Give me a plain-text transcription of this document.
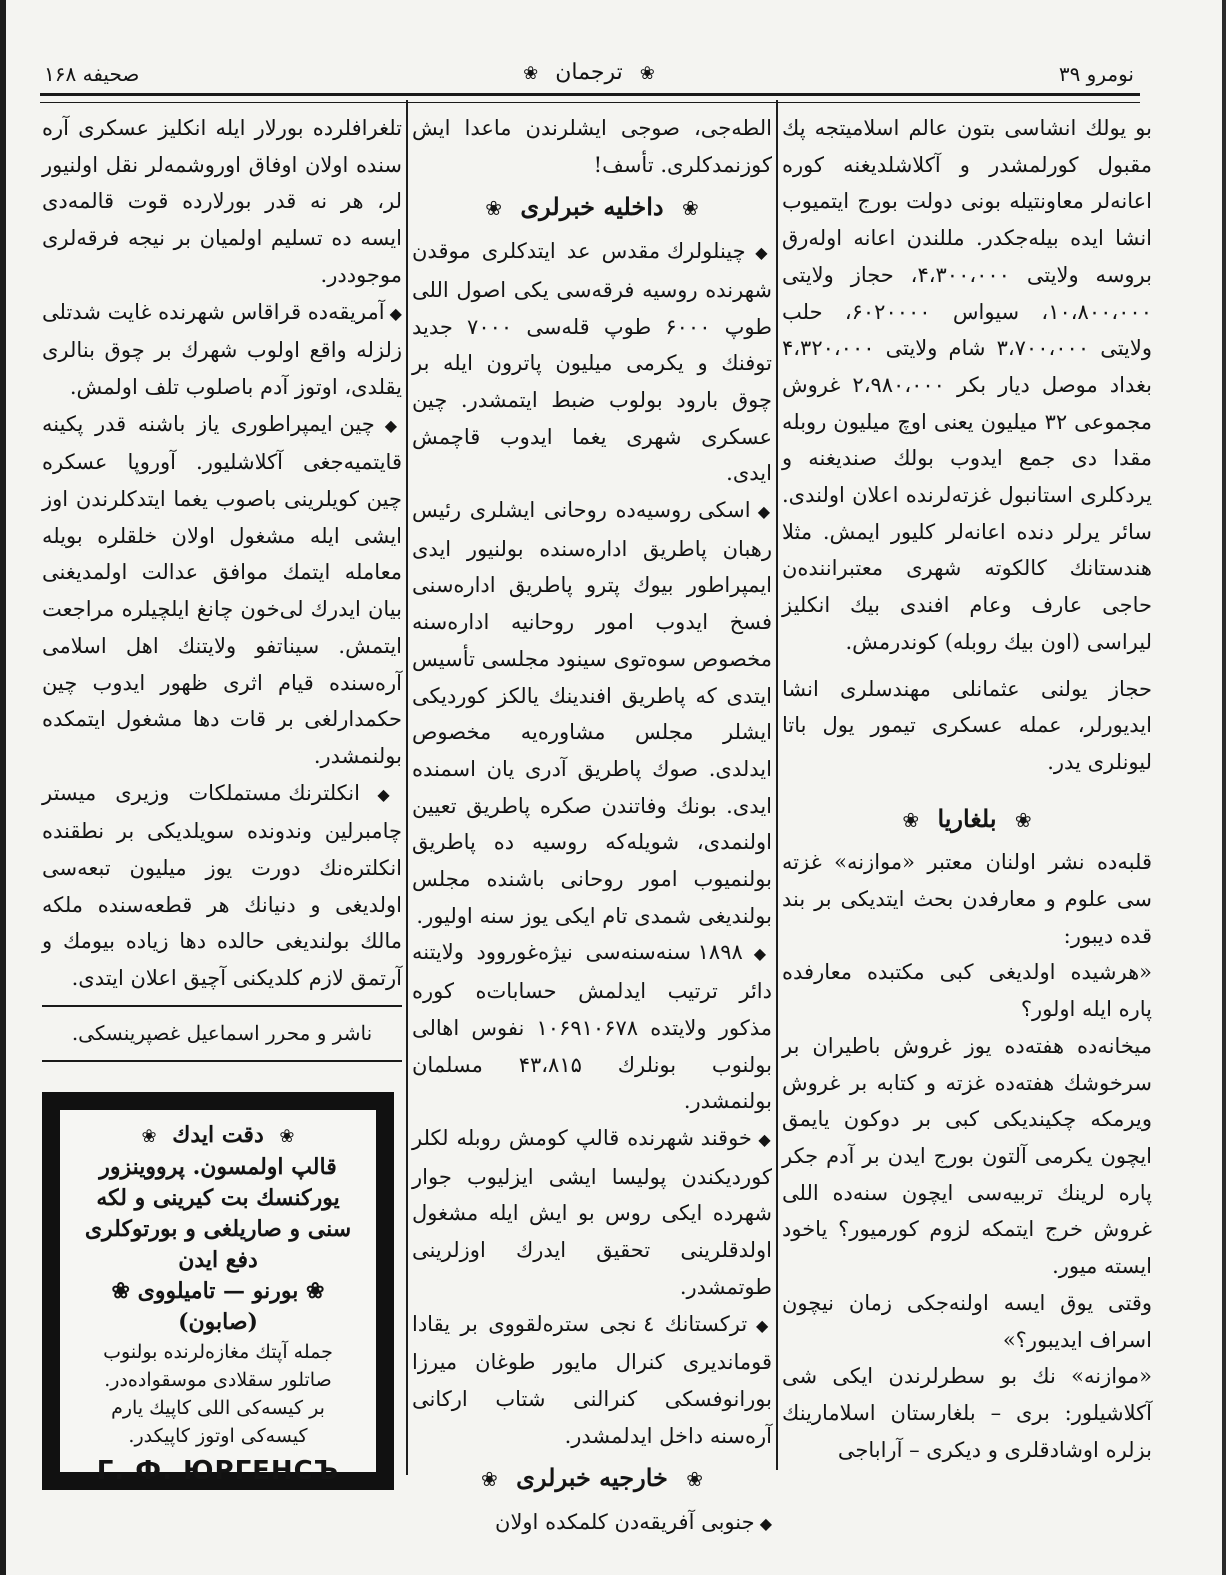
صحیفه ۱۶۸	❀ ترجمان ❀	نومرو ۳۹

بو یولك انشاسی بتون عالم اسلامیتجه پك مقبول کورلمشدر و آکلاشلدیغنه کوره اعانه‌لر معاونتیله بونی دولت بورج ایتمیوب انشا ایده بیله‌جکدر. مللندن اعانه اوله‌رق بروسه ولایتی ۴،۳۰۰،۰۰۰، حجاز ولایتی ۱۰،۸۰۰،۰۰۰، سیواس ۶۰۲۰۰۰۰، حلب ولایتی ۳،۷۰۰،۰۰۰ شام ولایتی ۴،۳۲۰،۰۰۰ بغداد موصل دیار بکر ۲،۹۸۰،۰۰۰ غروش مجموعی ۳۲ میلیون یعنی اوچ میلیون روبله مقدا دی جمع ایدوب بولك صندیغنه و یردکلری استانبول غزته‌لرنده اعلان اولندی. سائر یرلر دنده اعانه‌لر کلیور ایمش. مثلا هندستانك کالکوته شهری معتبراننده‌ن حاجی عارف وعام افندی بیك انکلیز لیراسی (اون بیك روبله) کوندرمش.

حجاز یولنی عثمانلی مهندسلری انشا ایدیورلر، عمله عسکری تیمور یول باتا لیونلری یدر.

❀ بلغاریا ❀

قلبه‌ده نشر اولنان معتبر «موازنه» غزته سی علوم و معارفدن بحث ایتدیکی بر بند قده دیبور:

«هرشیده اولدیغی کبی مکتبده معارفده پاره ایله اولور؟

میخانه‌ده هفته‌ده یوز غروش باطیران بر سرخوشك هفته‌ده غزته و کتابه بر غروش ویرمکه چکیندیکی کبی بر دوکون یایمق ایچون یکرمی آلتون بورج ایدن بر آدم جکر پاره لرینك تربیه‌سی ایچون سنه‌ده اللی غروش خرج ایتمکه لزوم کورمیور؟ یاخود ایسته میور.

وقتی یوق ایسه اولنه‌جکی زمان نیچون اسراف ایدیبور؟»

«موازنه» نك بو سطرلرندن ایکی شی آکلاشیلور: بری – بلغارستان اسلامارینك بزلره اوشادقلری و دیکری – آراباجی

الطه‌جی، صوجی ایشلرندن ماعدا ایش کوزنمدکلری. تأسف!

❀ داخلیه خبرلری ❀

◆ چینلولرك مقدس عد ایتدکلری موقدن شهرنده روسیه فرقه‌سی یکی اصول اللی طوپ ۶۰۰۰ طوپ قله‌سی ۷۰۰۰ جدید توفنك و یکرمی میلیون پاترون ایله بر چوق بارود بولوب ضبط ایتمشدر. چین عسکری شهری یغما ایدوب قاچمش ایدی.

◆ اسکی روسیه‌ده روحانی ایشلری رئیس رهبان پاطریق اداره‌سنده بولنیور ایدی ایمپراطور بیوك پترو پاطریق اداره‌سنی فسخ ایدوب امور روحانیه اداره‌سنه مخصوص سوه‌توی سینود مجلسی تأسیس ایتدی که پاطریق افندینك یالکز کوردیکی ایشلر مجلس مشاوره‌یه مخصوص ایدلدی. صوك پاطریق آدری یان اسمنده ایدی. بونك وفاتندن صکره پاطریق تعیین اولنمدی، شویله‌که روسیه ده پاطریق بولنمیوب امور روحانی باشنده مجلس بولندیغی شمدی تام ایکی یوز سنه اولیور.

◆ ۱۸۹۸ سنه‌سنه‌سی نیژه‌غوروود ولایتنه دائر ترتیب ایدلمش حسابات‌ه کوره مذکور ولایتده ۱۰۶۹۱۰۶۷۸ نفوس اهالی بولنوب بونلرك ۴۳،۸۱۵ مسلمان بولنمشدر.

◆ خوقند شهرنده قالپ کومش روبله لکلر کوردیکندن پولیسا ایشی ایزلیوب جوار شهرده ایکی روس بو ایش ایله مشغول اولدقلرینی تحقیق ایدرك اوزلرینی طوتمشدر.

◆ ترکستانك ٤ نجی ستره‌لقووی بر یقادا قوماندیری کنرال مایور طوغان میرزا بورانوفسکی کنرالنی شتاب ارکانی آره‌سنه داخل ایدلمشدر.

❀ خارجیه خبرلری ❀

◆ جنوبی آفریقه‌دن کلمکده اولان

تلغرافلرده بورلار ایله انکلیز عسکری آره سنده اولان اوفاق اوروشمه‌لر نقل اولنیور لر، هر نه قدر بورلارده قوت قالمه‌دی ایسه ده تسلیم اولمیان بر نیجه فرقه‌لری موجوددر.

◆ آمریقه‌ده قراقاس شهرنده غایت شدتلی زلزله واقع اولوب شهرك بر چوق بنالری یقلدی، اوتوز آدم باصلوب تلف اولمش.

◆ چین ایمپراطوری یاز باشنه قدر پکینه قایتمیه‌جغی آکلاشلیور. آوروپا عسکره چین کویلرینی باصوب یغما ایتدکلرندن اوز ایشی ایله مشغول اولان خلقلره بویله معامله ایتمك موافق عدالت اولمدیغنی بیان ایدرك لی‌خون چانغ ایلچیلره مراجعت ایتمش. سیناتفو ولایتنك اهل اسلامی آره‌سنده قیام اثری ظهور ایدوب چین حکمدارلغی بر قات دها مشغول ایتمکده بولنمشدر.

◆ انکلترنك مستملکات وزیری میستر چامبرلین وندونده سویلدیکی بر نطقنده انکلتره‌نك دورت یوز میلیون تبعه‌سی اولدیغی و دنیانك هر قطعه‌سنده ملکه مالك بولندیغی حالده دها زیاده بیومك و آرتمق لازم کلدیکنی آچیق اعلان ایتدی.

ناشر و محرر اسماعیل غصپرینسکی.
❀ دقت ایدك ❀
قالپ اولمسون. پرووینزور
یورکنسك بت کیرینی و لکه
سنی و صاریلغی و بورتوکلری
دفع ایدن
❀ بورنو — تامیلووی ❀
(صابون)
جمله آپتك مغازه‌لرنده بولنوب
صاتلور سقلادی موسقواده‌در.
بر کیسه‌کی اللی کاپیك یارم
کیسه‌کی اوتوز کاپیکدر.
Г. Ф. ЮРГЕНСЪ
